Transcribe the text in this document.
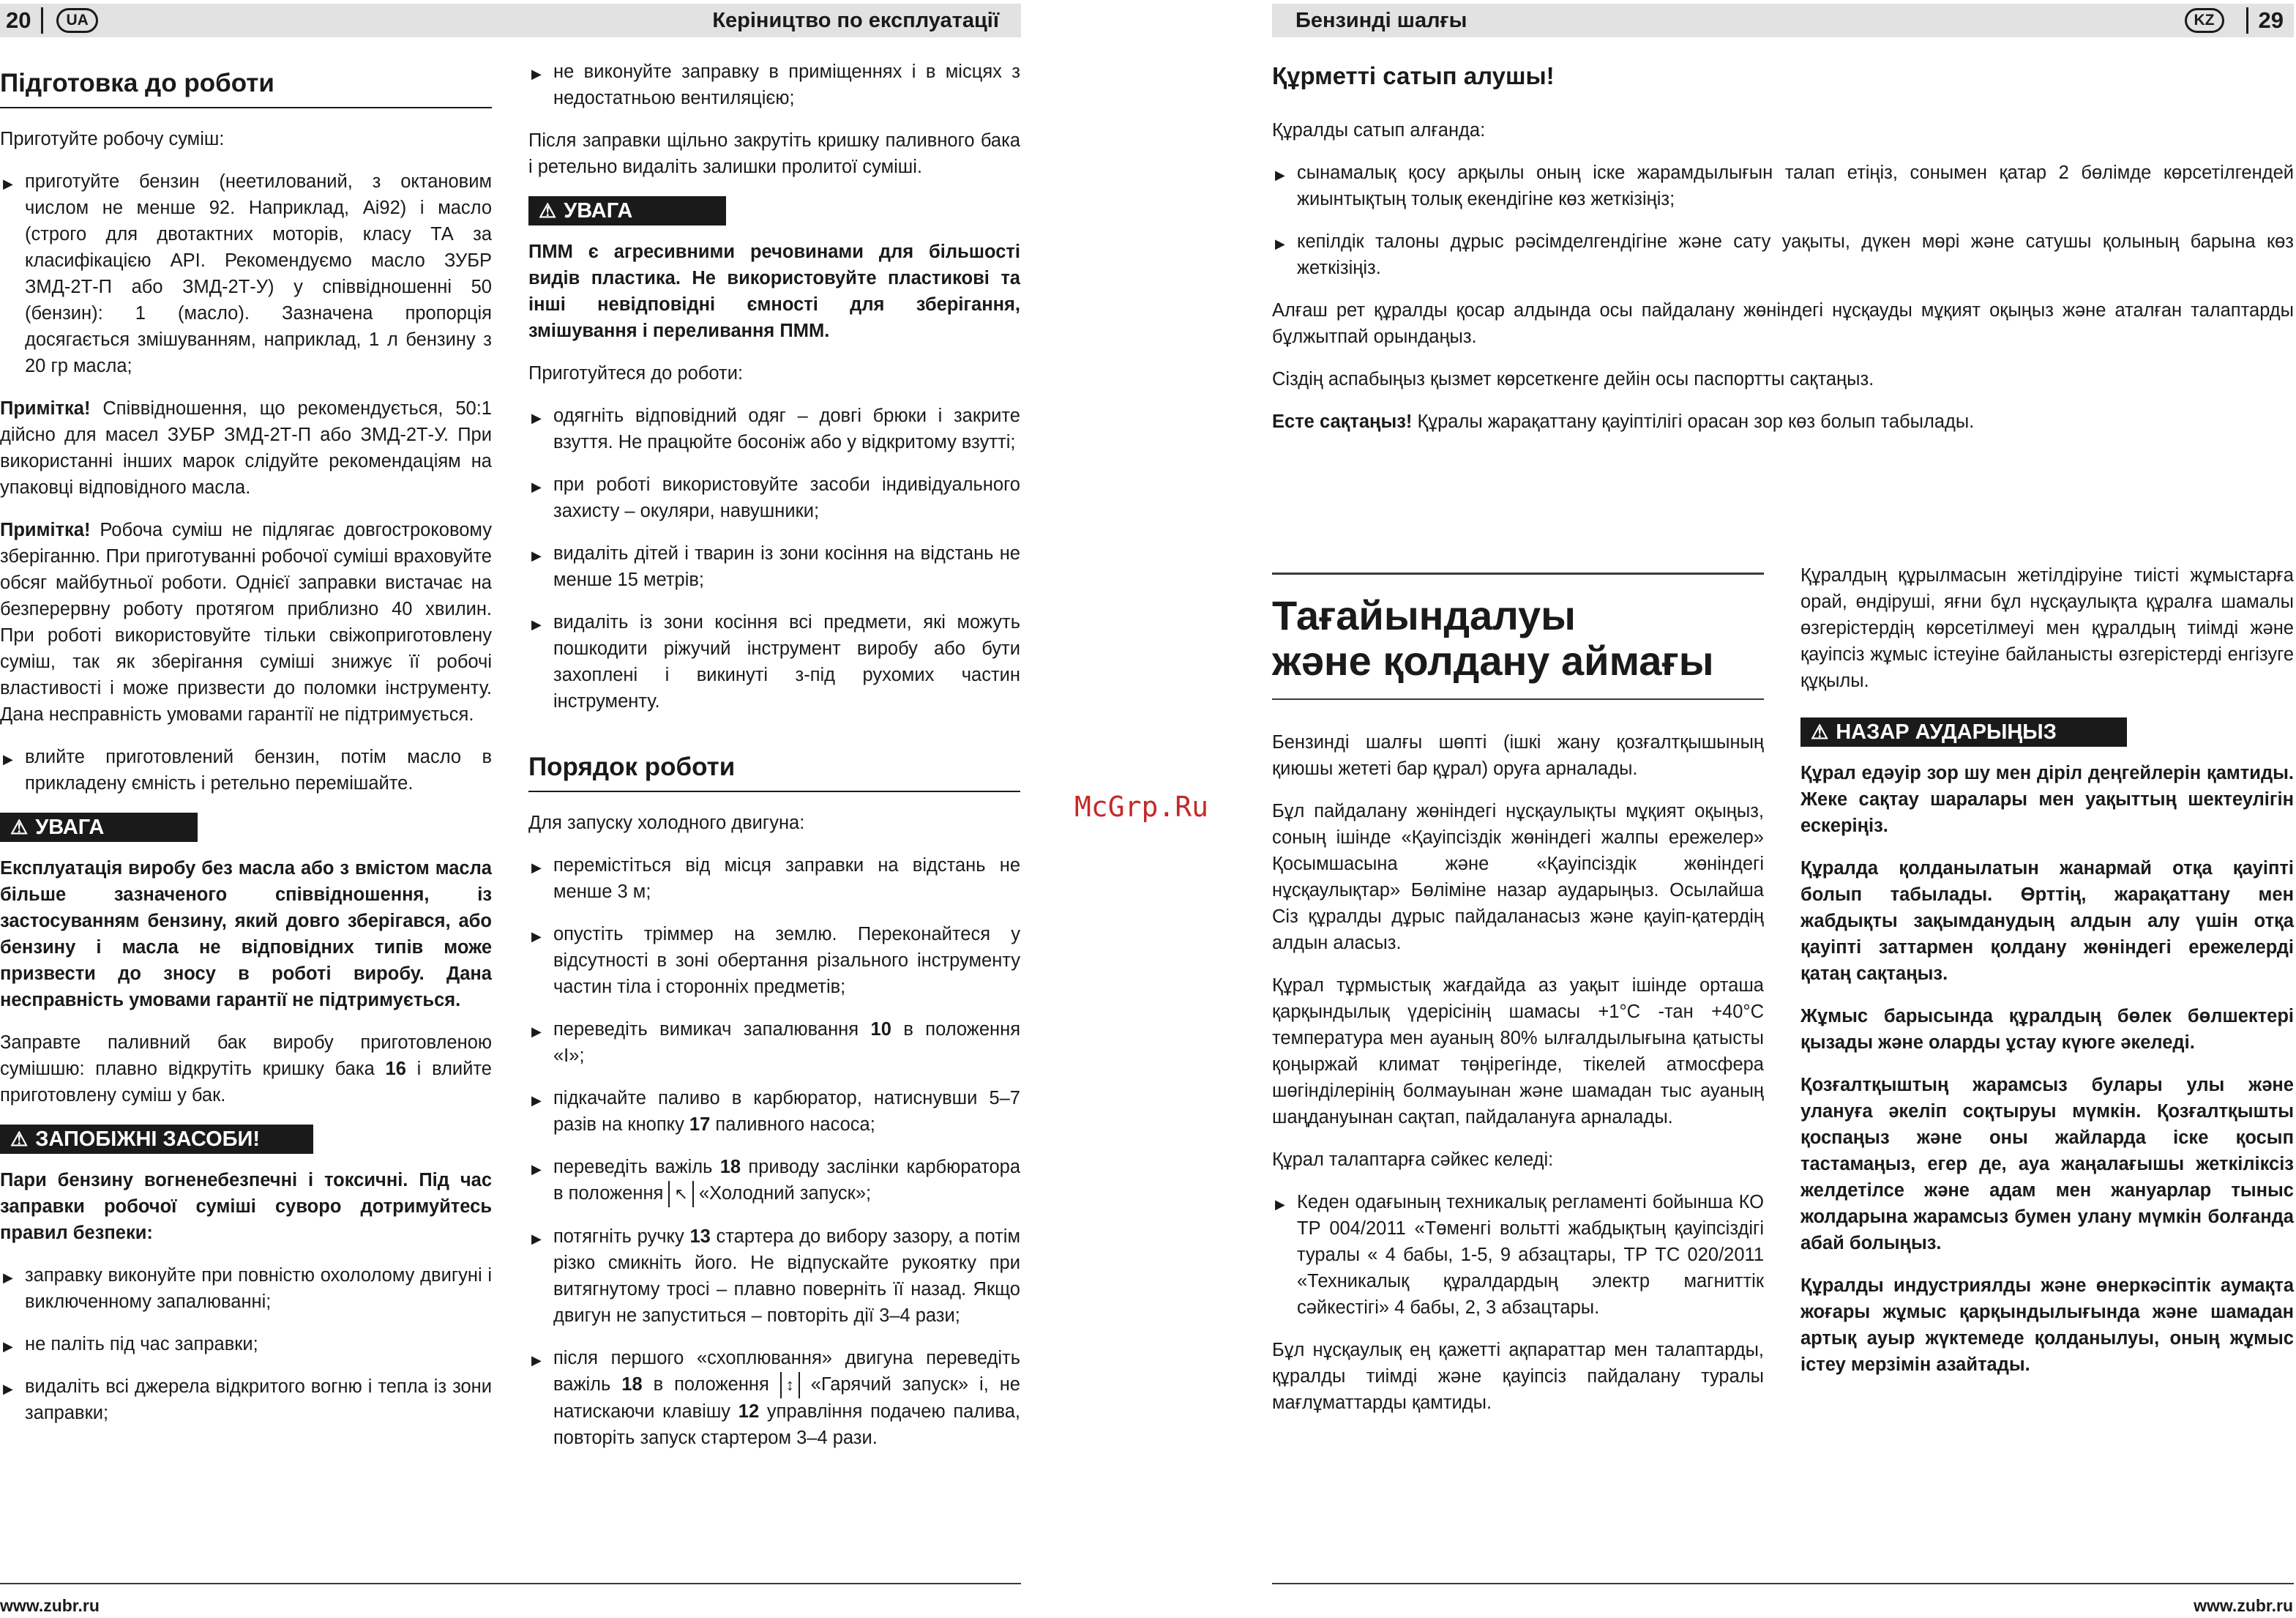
20	UA	Керіництво по експлуатації
Підготовка до роботи

Приготуйте робочу суміш:

▶ приготуйте бензин (неетилований, з октановим числом не менше 92. Наприклад, Аі92) і масло (строго для двотактних моторів, класу ТА за класифікацією API. Рекомендуємо масло ЗУБР ЗМД-2Т-П або ЗМД-2Т-У) у співвідношенні 50 (бензин): 1 (масло). Зазначена пропорція досягається змішуванням, наприклад, 1 л бензину з 20 гр масла;

Примітка! Співвідношення, що рекомендується, 50:1 дійсно для масел ЗУБР ЗМД-2Т-П або ЗМД-2Т-У. При використанні інших марок слідуйте рекомендаціям на упаковці відповідного масла.

Примітка! Робоча суміш не підлягає довгостроковому зберіганню. При приготуванні робочої суміші враховуйте обсяг майбутньої роботи. Однієї заправки вистачає на безперервну роботу протягом приблизно 40 хвилин. При роботі використовуйте тільки свіжоприготовлену суміш, так як зберігання суміші знижує її робочі властивості і може призвести до поломки інструменту. Дана несправність умовами гарантії не підтримується.

▶ влийте приготовлений бензин, потім масло в прикладену ємність і ретельно перемішайте.
⚠ УВАГА

Експлуатація виробу без масла або з вмістом масла більше зазначеного співвідношення, із застосуванням бензину, який довго зберігався, або бензину і масла не відповідних типів може призвести до зносу в роботі виробу. Дана несправність умовами гарантії не підтримується.

Заправте паливний бак виробу приготовленою сумішшю: плавно відкрутіть кришку бака 16 і влийте приготовлену суміш у бак.

⚠ ЗАПОБІЖНІ ЗАСОБИ!

Пари бензину вогненебезпечні і токсичні. Під час заправки робочої суміші суворо дотримуйтесь правил безпеки:

▶ заправку виконуйте при повністю охололому двигуні і виключенному запалюванні;
▶ не паліть під час заправки;
▶ видаліть всі джерела відкритого вогню і тепла із зони заправки;
▶ не виконуйте заправку в приміщеннях і в місцях з недостатньою вентиляцією;

Після заправки щільно закрутіть кришку паливного бака і ретельно видаліть залишки пролитої суміші.

⚠ УВАГА

ПММ є агресивними речовинами для більшості видів пластика. Не використовуйте пластикові та інші невідповідні ємності для зберігання, змішування і переливання ПММ.

Приготуйтеся до роботи:

▶ одягніть відповідний одяг – довгі брюки і закрите взуття. Не працюйте босоніж або у відкритому взутті;
▶ при роботі використовуйте засоби індивідуального захисту – окуляри, навушники;
▶ видаліть дітей і тварин із зони косіння на відстань не менше 15 метрів;
▶ видаліть із зони косіння всі предмети, які можуть пошкодити ріжучий інструмент виробу або бути захоплені і викинуті з-під рухомих частин інструменту.
Порядок роботи

Для запуску холодного двигуна:

▶ перемістіться від місця заправки на відстань не менше 3 м;
▶ опустіть тріммер на землю. Переконайтеся у відсутності в зоні обертання різального інструменту частин тіла і сторонніх предметів;
▶ переведіть вимикач запалювання 10 в положення «I»;
▶ підкачайте паливо в карбюратор, натиснувши 5–7 разів на кнопку 17 паливного насоса;
▶ переведіть важіль 18 приводу заслінки карбюратора в положення ↖ «Холодний запуск»;
▶ потягніть ручку 13 стартера до вибору зазору, а потім різко смикніть його. Не відпускайте рукоятку при витягнутому тросі – плавно поверніть її назад. Якщо двигун не запуститься – повторіть дії 3–4 рази;
▶ після першого «схоплювання» двигуна переведіть важіль 18 в положення ↕ «Гарячий запуск» і, не натискаючи клавішу 12 управління подачею палива, повторіть запуск стартером 3–4 рази.
www.zubr.ru
McGrp.Ru
Бензинді шалғы	KZ	29
Құрметті сатып алушы!

Құралды сатып алғанда:

▶ сынамалық қосу арқылы оның іске жарамдылығын талап етіңіз, сонымен қатар 2 бөлімде көрсетілгендей жиынтықтың толық екендігіне көз жеткізіңіз;
▶ кепілдік талоны дұрыс рәсімделгендігіне және сату уақыты, дүкен мөрі және сатушы қолының барына көз жеткізіңіз.

Алғаш рет құралды қосар алдында осы пайдалану жөніндегі нұсқауды мұқият оқыңыз және аталған талаптарды бұлжытпай орындаңыз.

Сіздің аспабыңыз қызмет көрсеткенге дейін осы паспортты сақтаңыз.

Есте сақтаңыз! Құралы жарақаттану қауіптілігі орасан зор көз болып табылады.

Тағайындалуы
және қолдану аймағы

Бензинді шалғы шөпті (ішкі жану қозғалтқышының қиюшы жететі бар құрал) оруға арналады.

Бұл пайдалану жөніндегі нұсқаулықты мұқият оқыңыз, соның ішінде «Қауіпсіздік жөніндегі жалпы ережелер» Қосымшасына және «Қауіпсіздік жөніндегі нұсқаулықтар» Бөліміне назар аударыңыз. Осылайша Сіз құралды дұрыс пайдаланасыз және қауіп-қатердің алдын аласыз.

Құрал тұрмыстық жағдайда аз уақыт ішінде орташа қарқындылық үдерісінің шамасы +1°С -тан +40°С температура мен ауаның 80% ылғалдылығына қатысты қоңыржай климат төңірегінде, тікелей атмосфера шөгінділерінің болмауынан және шамадан тыс ауаның шаңдануынан сақтап, пайдалануға арналады.

Құрал талаптарға сәйкес келеді:

▶ Кеден одағының техникалық регламенті бойынша КО ТР 004/2011 «Төменгі вольтті жабдықтың қауіпсіздігі туралы « 4 бабы, 1-5, 9 абзацтары, ТР ТС 020/2011 «Техникалық құралдардың электр магниттік сәйкестігі» 4 бабы, 2, 3 абзацтары.

Бұл нұсқаулық ең қажетті ақпараттар мен талаптарды, құралды тиімді және қауіпсіз пайдалану туралы мағлұматтарды қамтиды.

Құралдың құрылмасын жетілдіруіне тиісті жұмыстарға орай, өндіруші, яғни бұл нұсқаулықта құралға шамалы өзгерістердің көрсетілмеуі мен құралдың тиімді және қауіпсіз жұмыс істеуіне байланысты өзгерістерді енгізуге құқылы.

⚠ НАЗАР АУДАРЫҢЫЗ

Құрал едәуір зор шу мен діріл деңгейлерін қамтиды. Жеке сақтау шаралары мен уақыттың шектеулігін ескеріңіз.

Құралда қолданылатын жанармай отқа қауіпті болып табылады. Өрттің, жарақаттану мен жабдықты зақымданудың алдын алу үшін отқа қауіпті заттармен қолдану жөніндегі ережелерді қатаң сақтаңыз.

Жұмыс барысында құралдың бөлек бөлшектері қызады және оларды ұстау күюге әкеледі.

Қозғалтқыштың жарамсыз булары улы және улануға әкеліп соқтыруы мүмкін. Қозғалтқышты қоспаңыз және оны жайларда іске қосып тастамаңыз, егер де, ауа жаңалағышы жеткіліксіз желдетілсе және адам мен жануарлар тыныс жолдарына жарамсыз бумен улану мүмкін болғанда абай болыңыз.

Құралды индустриялды және өнеркәсіптік аумақта жоғары жұмыс қарқындылығында және шамадан артық ауыр жүктемеде қолданылуы, оның жұмыс істеу мерзімін азайтады.

www.zubr.ru
